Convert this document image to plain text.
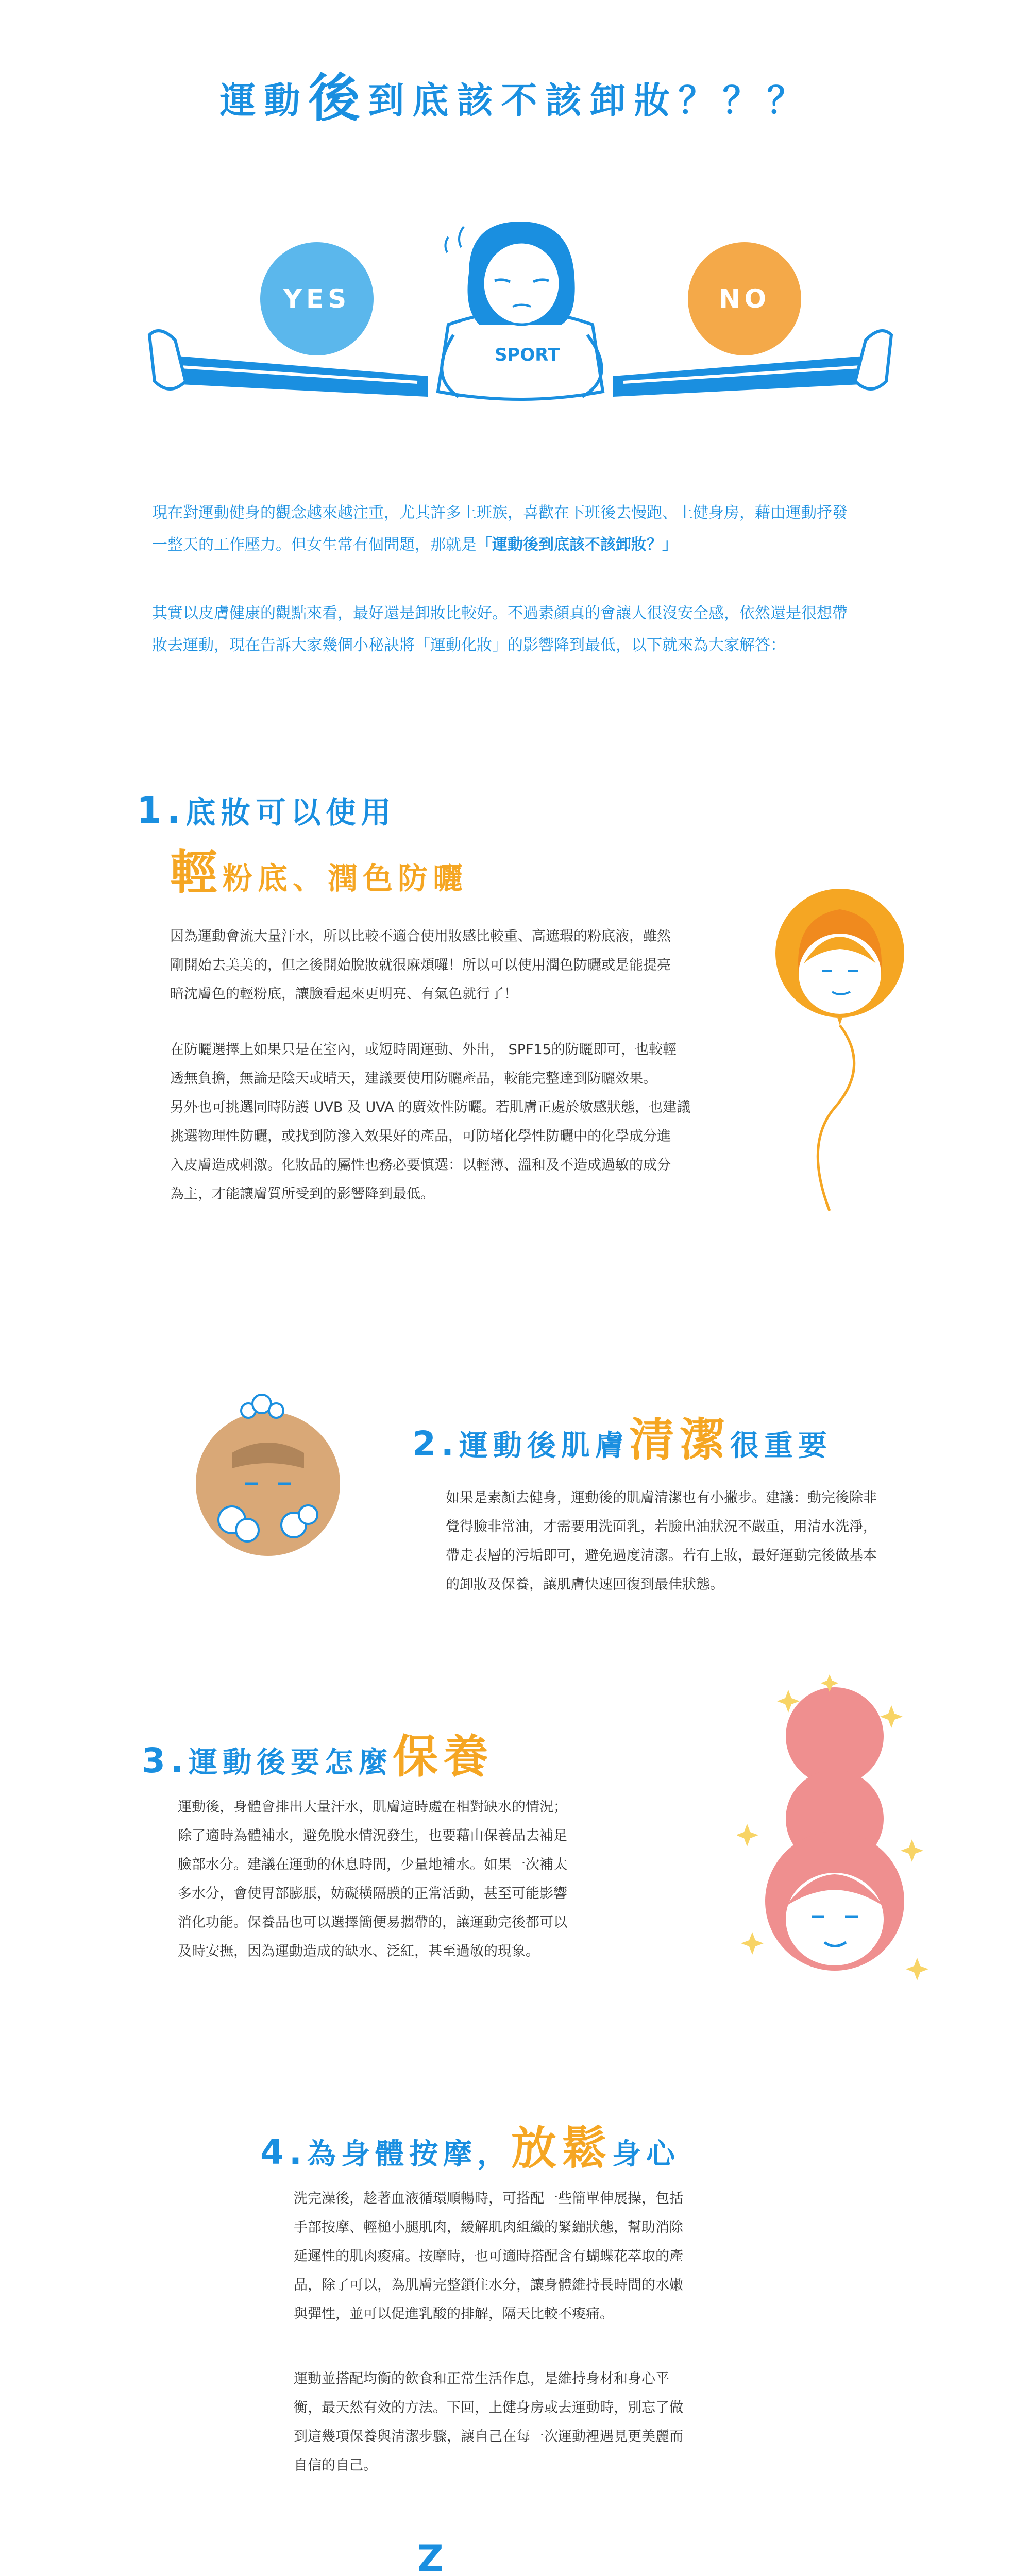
運動後到底該不該卸妝？？？
YES	NO
SPORT
現在對運動健身的觀念越來越注重，尤其許多上班族，喜歡在下班後去慢跑、上健身房，藉由運動抒發
一整天的工作壓力。但女生常有個問題，那就是「運動後到底該不該卸妝？」
其實以皮膚健康的觀點來看，最好還是卸妝比較好。不過素顏真的會讓人很沒安全感，依然還是很想帶
妝去運動，現在告訴大家幾個小秘訣將「運動化妝」的影響降到最低，以下就來為大家解答：
1.底妝可以使用
輕粉底、潤色防曬
因為運動會流大量汗水，所以比較不適合使用妝感比較重、高遮瑕的粉底液，雖然
剛開始去美美的，但之後開始脫妝就很麻煩囉！所以可以使用潤色防曬或是能提亮
暗沈膚色的輕粉底，讓臉看起來更明亮、有氣色就行了！
在防曬選擇上如果只是在室內，或短時間運動、外出， SPF15的防曬即可，也較輕
透無負擔，無論是陰天或晴天，建議要使用防曬產品，較能完整達到防曬效果。
另外也可挑選同時防護 UVB 及 UVA 的廣效性防曬。若肌膚正處於敏感狀態，也建議
挑選物理性防曬，或找到防滲入效果好的產品，可防堵化學性防曬中的化學成分進
入皮膚造成刺激。化妝品的屬性也務必要慎選：以輕薄、溫和及不造成過敏的成分
為主，才能讓膚質所受到的影響降到最低。
2.運動後肌膚清潔很重要
如果是素顏去健身，運動後的肌膚清潔也有小撇步。建議：動完後除非
覺得臉非常油，才需要用洗面乳，若臉出油狀況不嚴重，用清水洗淨，
帶走表層的污垢即可，避免過度清潔。若有上妝，最好運動完後做基本
的卸妝及保養，讓肌膚快速回復到最佳狀態。
3.運動後要怎麼保養
運動後，身體會排出大量汗水，肌膚這時處在相對缺水的情況；
除了適時為體補水，避免脫水情況發生，也要藉由保養品去補足
臉部水分。建議在運動的休息時間，少量地補水。如果一次補太
多水分，會使胃部膨脹，妨礙橫隔膜的正常活動，甚至可能影響
消化功能。保養品也可以選擇簡便易攜帶的，讓運動完後都可以
及時安撫，因為運動造成的缺水、泛紅，甚至過敏的現象。
4.為身體按摩，放鬆身心
洗完澡後，趁著血液循環順暢時，可搭配一些簡單伸展操，包括
手部按摩、輕槌小腿肌肉，緩解肌肉組織的緊繃狀態，幫助消除
延遲性的肌肉痠痛。按摩時，也可適時搭配含有蝴蝶花萃取的產
品，除了可以，為肌膚完整鎖住水分，讓身體維持長時間的水嫩
與彈性，並可以促進乳酸的排解，隔天比較不痠痛。
運動並搭配均衡的飲食和正常生活作息，是維持身材和身心平
衡，最天然有效的方法。下回，上健身房或去運動時，別忘了做
到這幾項保養與清潔步驟，讓自己在每一次運動裡遇見更美麗而
自信的自己。
Z
